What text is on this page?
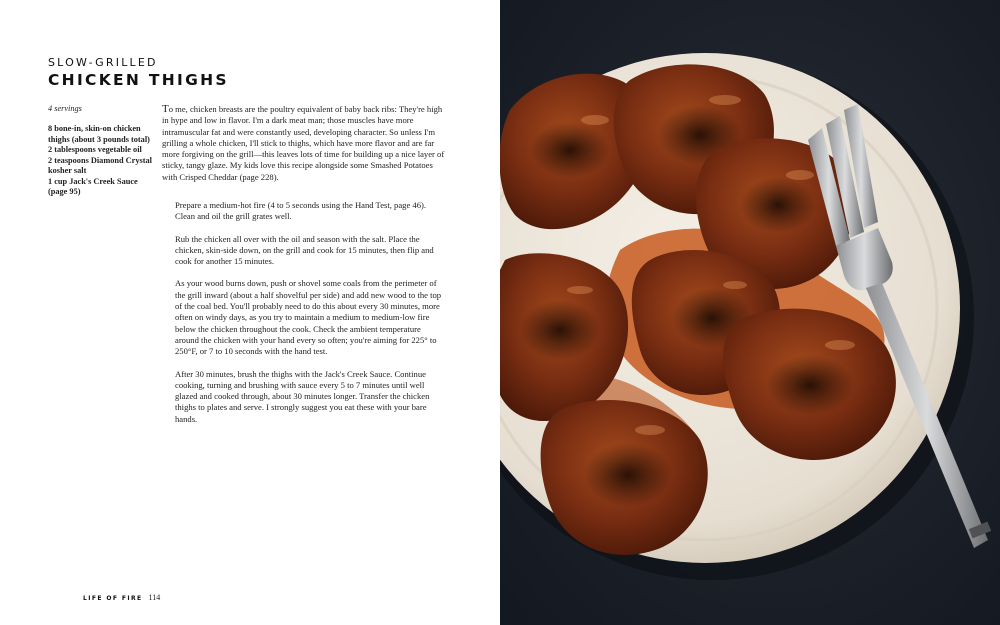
SLOW-GRILLED
CHICKEN THIGHS
4 servings
8 bone-in, skin-on chicken thighs (about 3 pounds total)
2 tablespoons vegetable oil
2 teaspoons Diamond Crystal kosher salt
1 cup Jack's Creek Sauce (page 95)

To me, chicken breasts are the poultry equivalent of baby back ribs: They're high in hype and low in flavor. I'm a dark meat man; those muscles have more intramuscular fat and were constantly used, developing character. So unless I'm grilling a whole chicken, I'll stick to thighs, which have more flavor and are far more forgiving on the grill—this leaves lots of time for building up a nice layer of sticky, tangy glaze. My kids love this recipe alongside some Smashed Potatoes with Crisped Cheddar (page 228).

Prepare a medium-hot fire (4 to 5 seconds using the Hand Test, page 46). Clean and oil the grill grates well.

Rub the chicken all over with the oil and season with the salt. Place the chicken, skin-side down, on the grill and cook for 15 minutes, then flip and cook for another 15 minutes.

As your wood burns down, push or shovel some coals from the perimeter of the grill inward (about a half shovelful per side) and add new wood to the top of the coal bed. You'll probably need to do this about every 30 minutes, more often on windy days, as you try to maintain a medium to medium-low fire below the chicken throughout the cook. Check the ambient temperature around the chicken with your hand every so often; you're aiming for 225° to 250°F, or 7 to 10 seconds with the hand test.

After 30 minutes, brush the thighs with the Jack's Creek Sauce. Continue cooking, turning and brushing with sauce every 5 to 7 minutes until well glazed and cooked through, about 30 minutes longer. Transfer the chicken thighs to plates and serve. I strongly suggest you eat these with your bare hands.

LIFE OF FIRE 114
